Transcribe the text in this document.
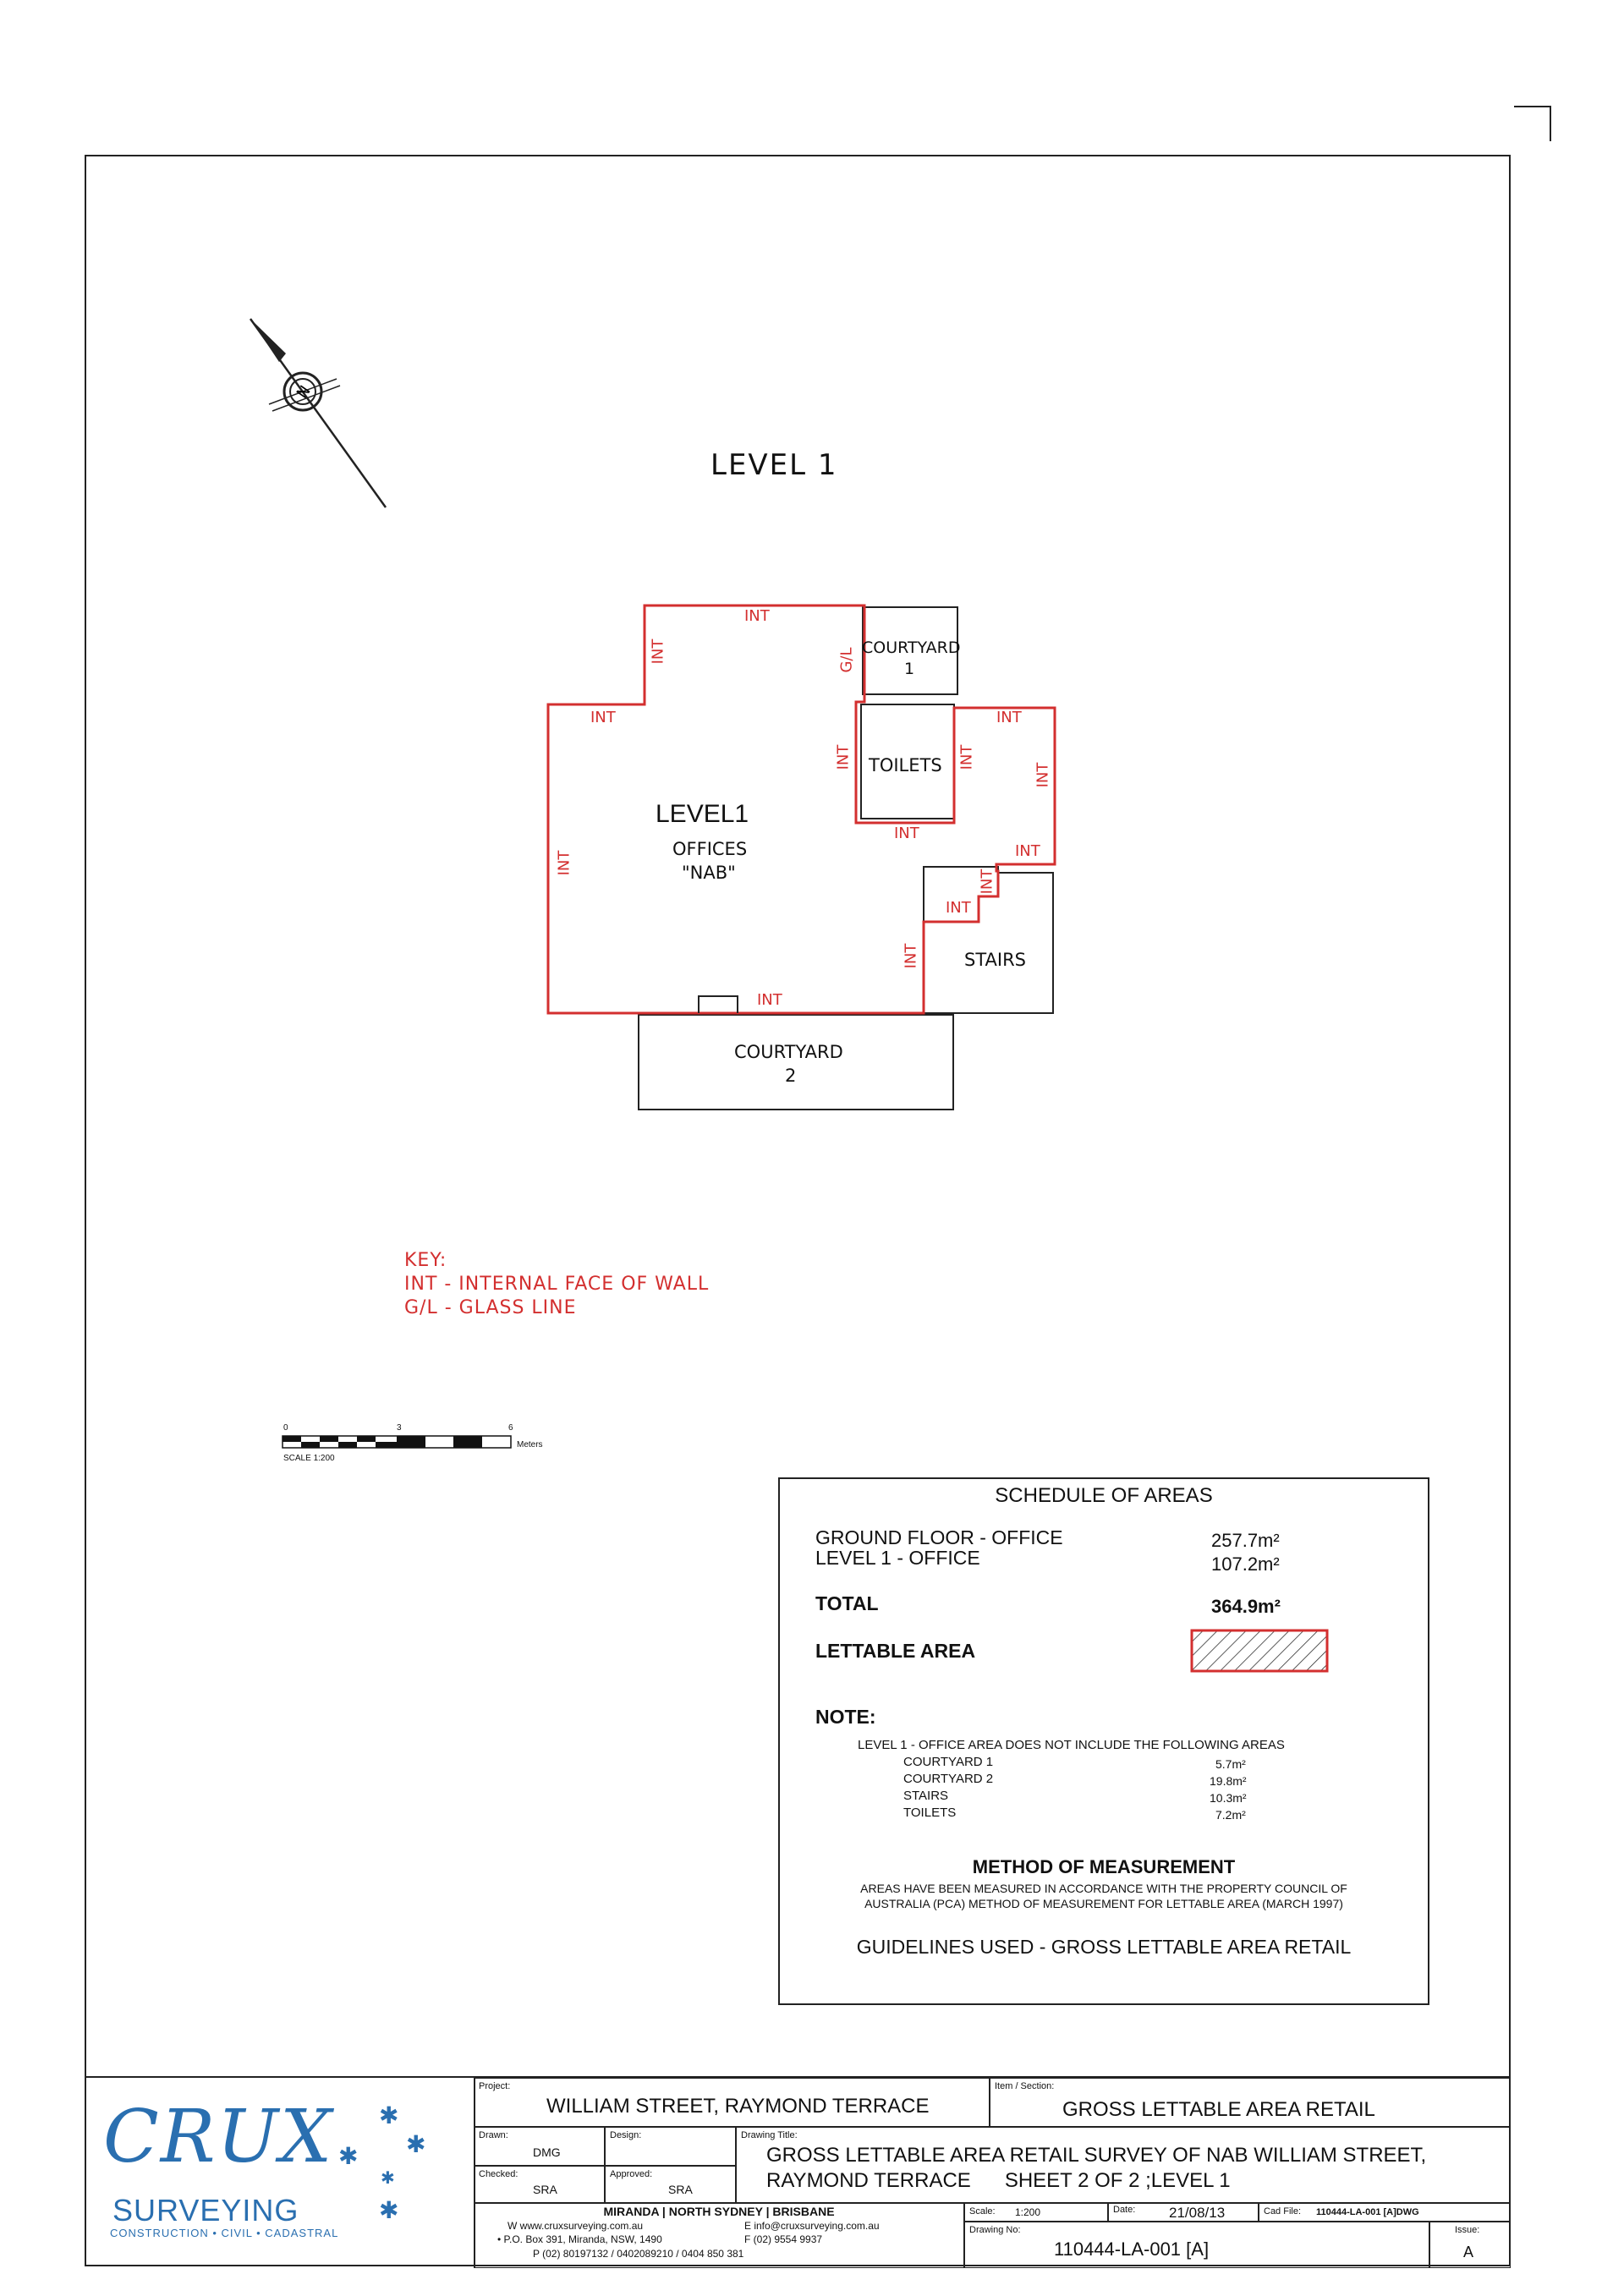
N
LEVEL 1
LEVEL1
OFFICES
"NAB"
COURTYARD
1
TOILETS
STAIRS
COURTYARD
2
INT
INT	INT
INT
INT
INT
INT
INT
INT
INT	INT
INT
INT
INT
G/L
KEY:
INT - INTERNAL FACE OF WALL
G/L - GLASS LINE
0	3	6
Meters
SCALE 1:200
SCHEDULE OF AREAS
GROUND FLOOR - OFFICE	257.7m²
LEVEL 1 - OFFICE	107.2m²
TOTAL	364.9m²
LETTABLE AREA
NOTE:
LEVEL 1 - OFFICE AREA DOES NOT INCLUDE THE FOLLOWING AREAS
COURTYARD 1	5.7m²
COURTYARD 2	19.8m²
STAIRS	10.3m²
TOILETS	7.2m²
METHOD OF MEASUREMENT
AREAS HAVE BEEN MEASURED IN ACCORDANCE WITH THE PROPERTY COUNCIL OF
AUSTRALIA (PCA) METHOD OF MEASUREMENT FOR LETTABLE AREA (MARCH 1997)
GUIDELINES USED - GROSS LETTABLE AREA RETAIL
CRUX
SURVEYING
CONSTRUCTION • CIVIL • CADASTRAL
✱
✱
✱
✱
✱
Project:
WILLIAM STREET, RAYMOND TERRACE
Item / Section:
GROSS LETTABLE AREA RETAIL
Drawn:
DMG
Design:
Checked:
SRA
Approved:
SRA
Drawing Title:
GROSS LETTABLE AREA RETAIL SURVEY OF NAB WILLIAM STREET,
RAYMOND TERRACE      SHEET 2 OF 2 ;LEVEL 1
MIRANDA | NORTH SYDNEY | BRISBANE
W www.cruxsurveying.com.au	E info@cruxsurveying.com.au
• P.O. Box 391, Miranda, NSW, 1490	F (02) 9554 9937
P (02) 80197132 / 0402089210 / 0404 850 381
Scale: 1:200	Date: 21/08/13	Cad File: 110444-LA-001 [A]DWG
Drawing No:
110444-LA-001 [A]
Issue:
A
